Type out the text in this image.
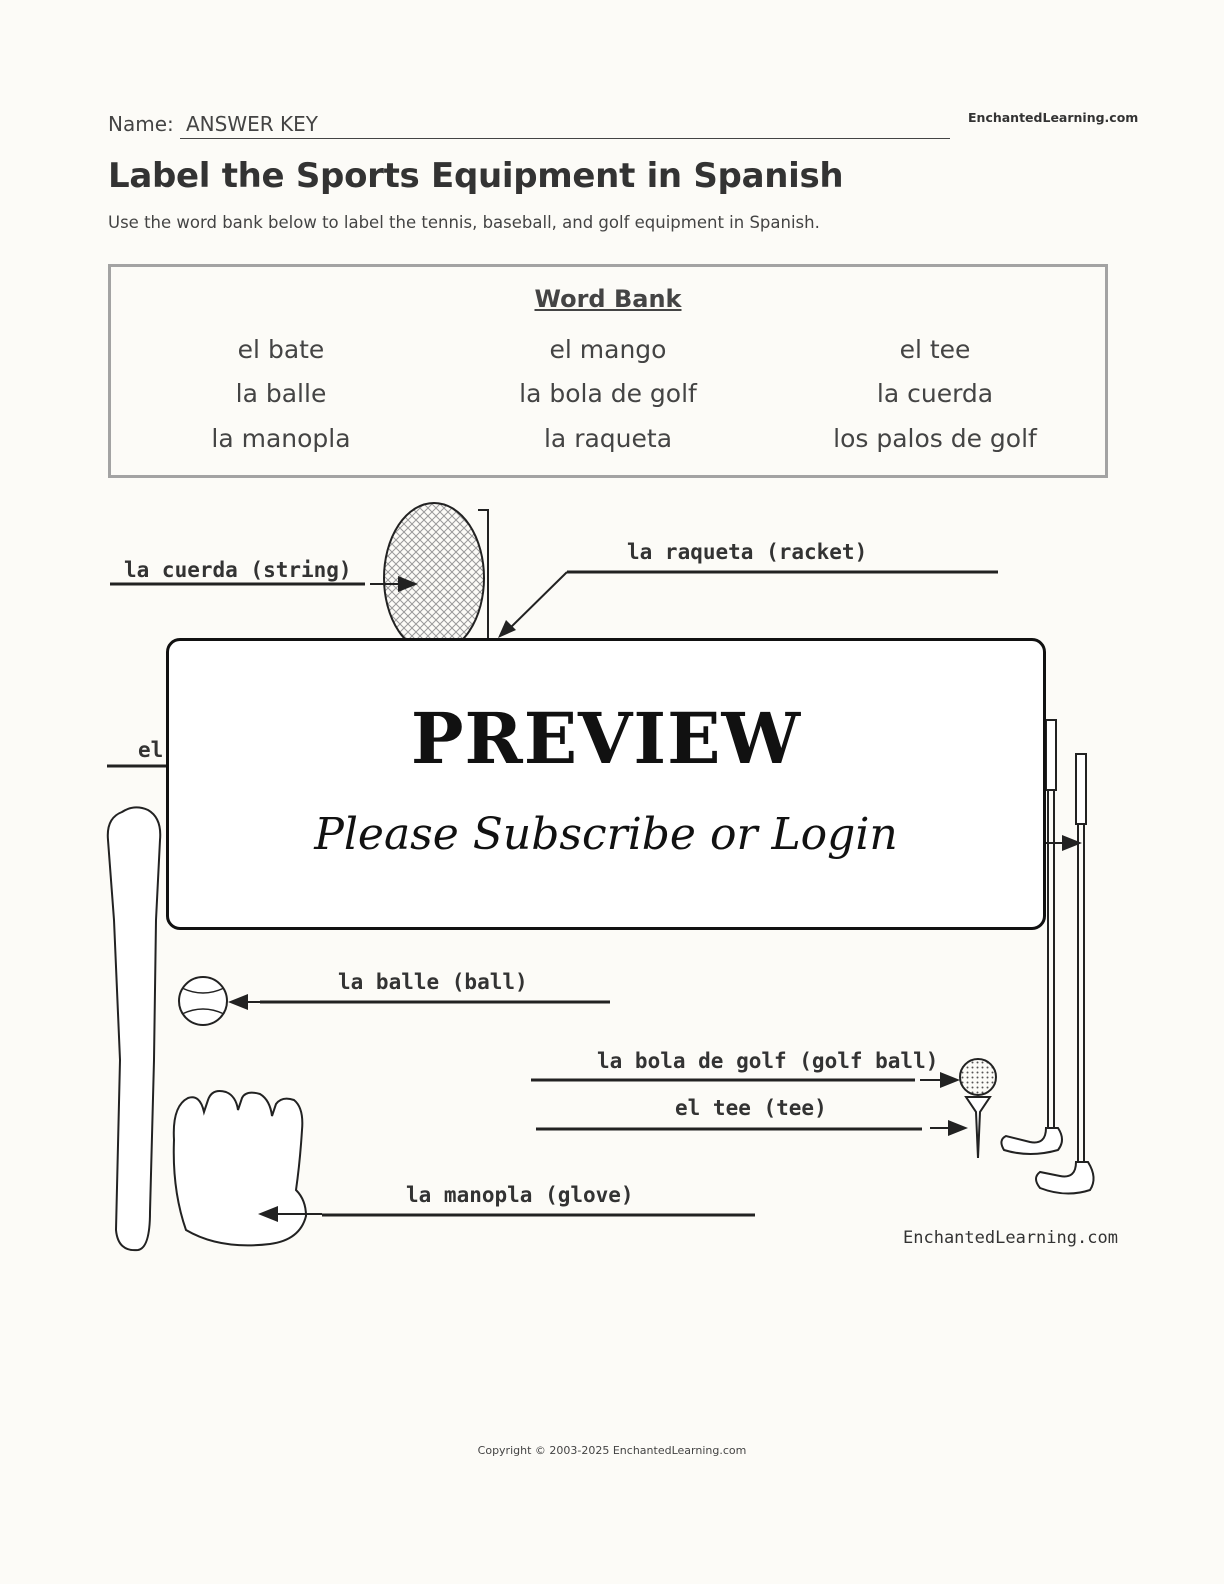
Name: ANSWER KEY	EnchantedLearning.com
Label the Sports Equipment in Spanish
Use the word bank below to label the tennis, baseball, and golf equipment in Spanish.
Word Bank
el bate
la balle
la manopla
el mango
la bola de golf
la raqueta
el tee
la cuerda
los palos de golf
la cuerda (string)
la raqueta (racket)
el
la balle (ball)
la manopla (glove)
la bola de golf (golf ball)
el tee (tee)
PREVIEW
Please Subscribe or Login
EnchantedLearning.com
Copyright © 2003-2025 EnchantedLearning.com
